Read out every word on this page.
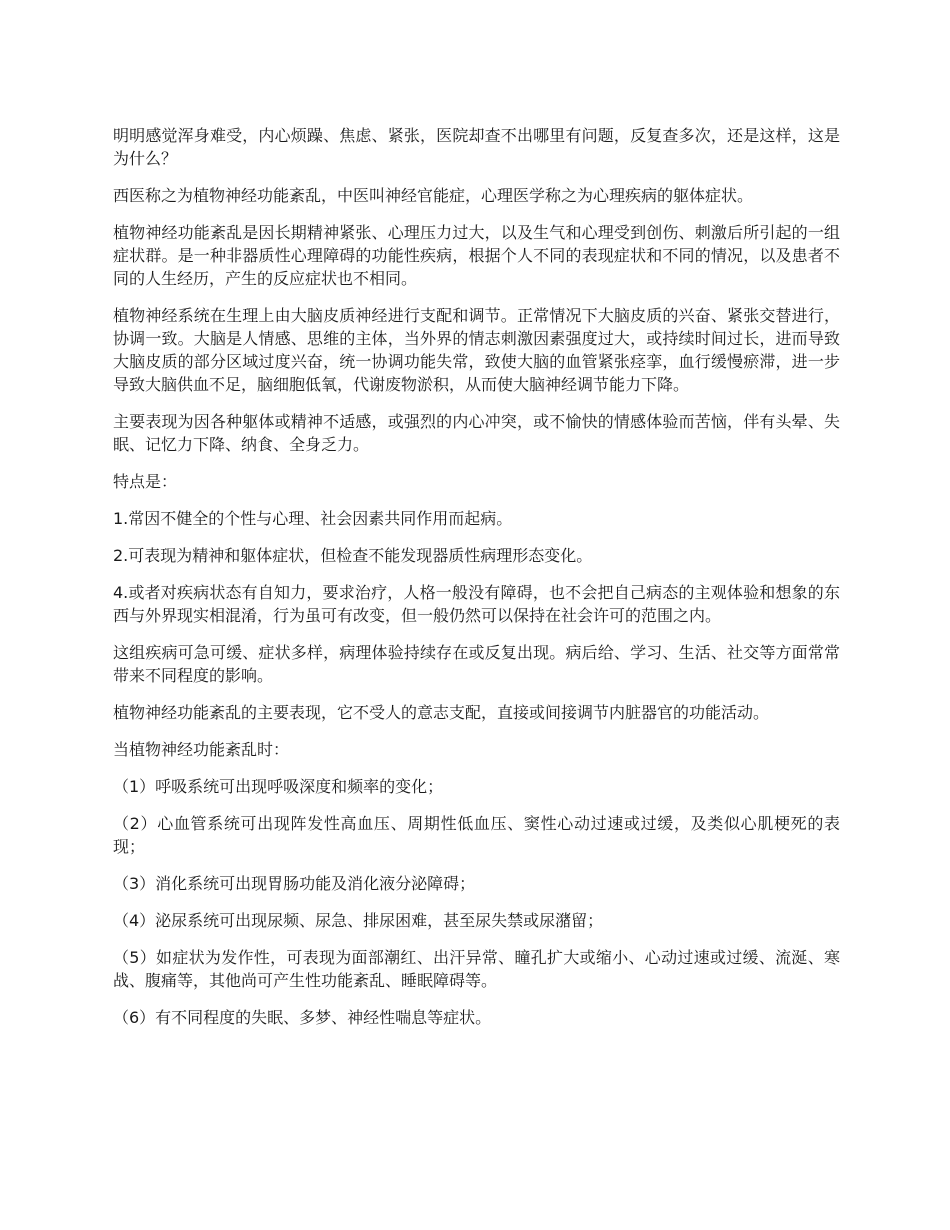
明明感觉浑身难受，内心烦躁、焦虑、紧张，医院却查不出哪里有问题，反复查多次，还是这样，这是为什么？

西医称之为植物神经功能紊乱，中医叫神经官能症，心理医学称之为心理疾病的躯体症状。

植物神经功能紊乱是因长期精神紧张、心理压力过大，以及生气和心理受到创伤、刺激后所引起的一组症状群。是一种非器质性心理障碍的功能性疾病，根据个人不同的表现症状和不同的情况，以及患者不同的人生经历，产生的反应症状也不相同。

植物神经系统在生理上由大脑皮质神经进行支配和调节。正常情况下大脑皮质的兴奋、紧张交替进行，协调一致。大脑是人情感、思维的主体，当外界的情志刺激因素强度过大，或持续时间过长，进而导致大脑皮质的部分区域过度兴奋，统一协调功能失常，致使大脑的血管紧张痉挛，血行缓慢瘀滞，进一步导致大脑供血不足，脑细胞低氧，代谢废物淤积，从而使大脑神经调节能力下降。

主要表现为因各种躯体或精神不适感，或强烈的内心冲突，或不愉快的情感体验而苦恼，伴有头晕、失眠、记忆力下降、纳食、全身乏力。

特点是：

1.常因不健全的个性与心理、社会因素共同作用而起病。

2.可表现为精神和躯体症状，但检查不能发现器质性病理形态变化。

4.或者对疾病状态有自知力，要求治疗，人格一般没有障碍，也不会把自己病态的主观体验和想象的东西与外界现实相混淆，行为虽可有改变，但一般仍然可以保持在社会许可的范围之内。

这组疾病可急可缓、症状多样，病理体验持续存在或反复出现。病后给、学习、生活、社交等方面常常带来不同程度的影响。

植物神经功能紊乱的主要表现，它不受人的意志支配，直接或间接调节内脏器官的功能活动。

当植物神经功能紊乱时：

（1）呼吸系统可出现呼吸深度和频率的变化；

（2）心血管系统可出现阵发性高血压、周期性低血压、窦性心动过速或过缓，及类似心肌梗死的表现；

（3）消化系统可出现胃肠功能及消化液分泌障碍；

（4）泌尿系统可出现尿频、尿急、排尿困难，甚至尿失禁或尿潴留；

（5）如症状为发作性，可表现为面部潮红、出汗异常、瞳孔扩大或缩小、心动过速或过缓、流涎、寒战、腹痛等，其他尚可产生性功能紊乱、睡眠障碍等。

（6）有不同程度的失眠、多梦、神经性喘息等症状。
